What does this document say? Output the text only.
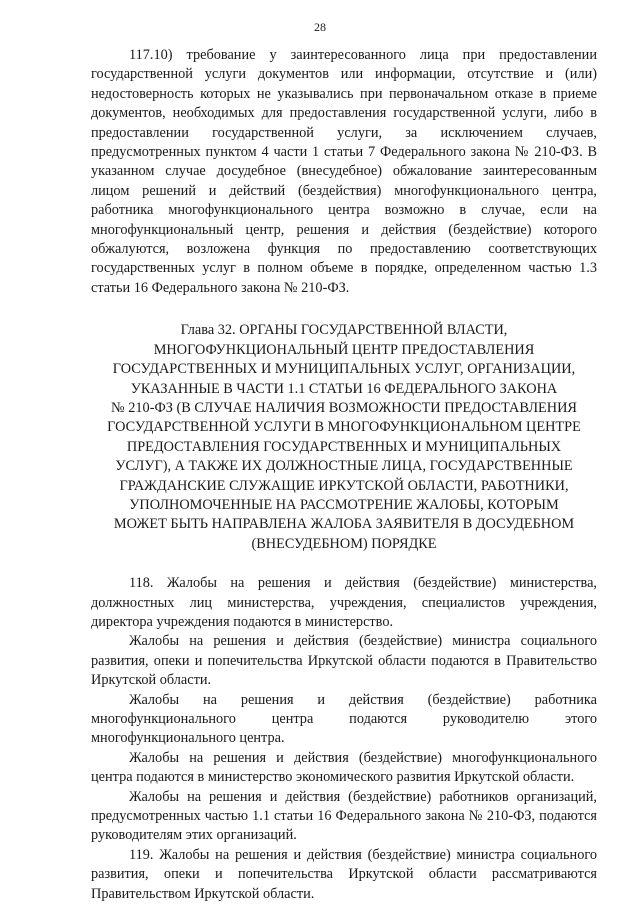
28

117.10) требование у заинтересованного лица при предоставлении государственной услуги документов или информации, отсутствие и (или) недостоверность которых не указывались при первоначальном отказе в приеме документов, необходимых для предоставления государственной услуги, либо в предоставлении государственной услуги, за исключением случаев, предусмотренных пунктом 4 части 1 статьи 7 Федерального закона № 210-ФЗ. В указанном случае досудебное (внесудебное) обжалование заинтересованным лицом решений и действий (бездействия) многофункционального центра, работника многофункционального центра возможно в случае, если на многофункциональный центр, решения и действия (бездействие) которого обжалуются, возложена функция по предоставлению соответствующих государственных услуг в полном объеме в порядке, определенном частью 1.3 статьи 16 Федерального закона № 210-ФЗ.

Глава 32. ОРГАНЫ ГОСУДАРСТВЕННОЙ ВЛАСТИ,
МНОГОФУНКЦИОНАЛЬНЫЙ ЦЕНТР ПРЕДОСТАВЛЕНИЯ
ГОСУДАРСТВЕННЫХ И МУНИЦИПАЛЬНЫХ УСЛУГ, ОРГАНИЗАЦИИ,
УКАЗАННЫЕ В ЧАСТИ 1.1 СТАТЬИ 16 ФЕДЕРАЛЬНОГО ЗАКОНА
№ 210-ФЗ (В СЛУЧАЕ НАЛИЧИЯ ВОЗМОЖНОСТИ ПРЕДОСТАВЛЕНИЯ
ГОСУДАРСТВЕННОЙ УСЛУГИ В МНОГОФУНКЦИОНАЛЬНОМ ЦЕНТРЕ
ПРЕДОСТАВЛЕНИЯ ГОСУДАРСТВЕННЫХ И МУНИЦИПАЛЬНЫХ
УСЛУГ), А ТАКЖЕ ИХ ДОЛЖНОСТНЫЕ ЛИЦА, ГОСУДАРСТВЕННЫЕ
ГРАЖДАНСКИЕ СЛУЖАЩИЕ ИРКУТСКОЙ ОБЛАСТИ, РАБОТНИКИ,
УПОЛНОМОЧЕННЫЕ НА РАССМОТРЕНИЕ ЖАЛОБЫ, КОТОРЫМ
МОЖЕТ БЫТЬ НАПРАВЛЕНА ЖАЛОБА ЗАЯВИТЕЛЯ В ДОСУДЕБНОМ
(ВНЕСУДЕБНОМ) ПОРЯДКЕ

118. Жалобы на решения и действия (бездействие) министерства, должностных лиц министерства, учреждения, специалистов учреждения, директора учреждения подаются в министерство.

Жалобы на решения и действия (бездействие) министра социального развития, опеки и попечительства Иркутской области подаются в Правительство Иркутской области.

Жалобы на решения и действия (бездействие) работника многофункционального центра подаются руководителю этого многофункционального центра.

Жалобы на решения и действия (бездействие) многофункционального центра подаются в министерство экономического развития Иркутской области.

Жалобы на решения и действия (бездействие) работников организаций, предусмотренных частью 1.1 статьи 16 Федерального закона № 210-ФЗ, подаются руководителям этих организаций.

119. Жалобы на решения и действия (бездействие) министра социального развития, опеки и попечительства Иркутской области рассматриваются Правительством Иркутской области.
